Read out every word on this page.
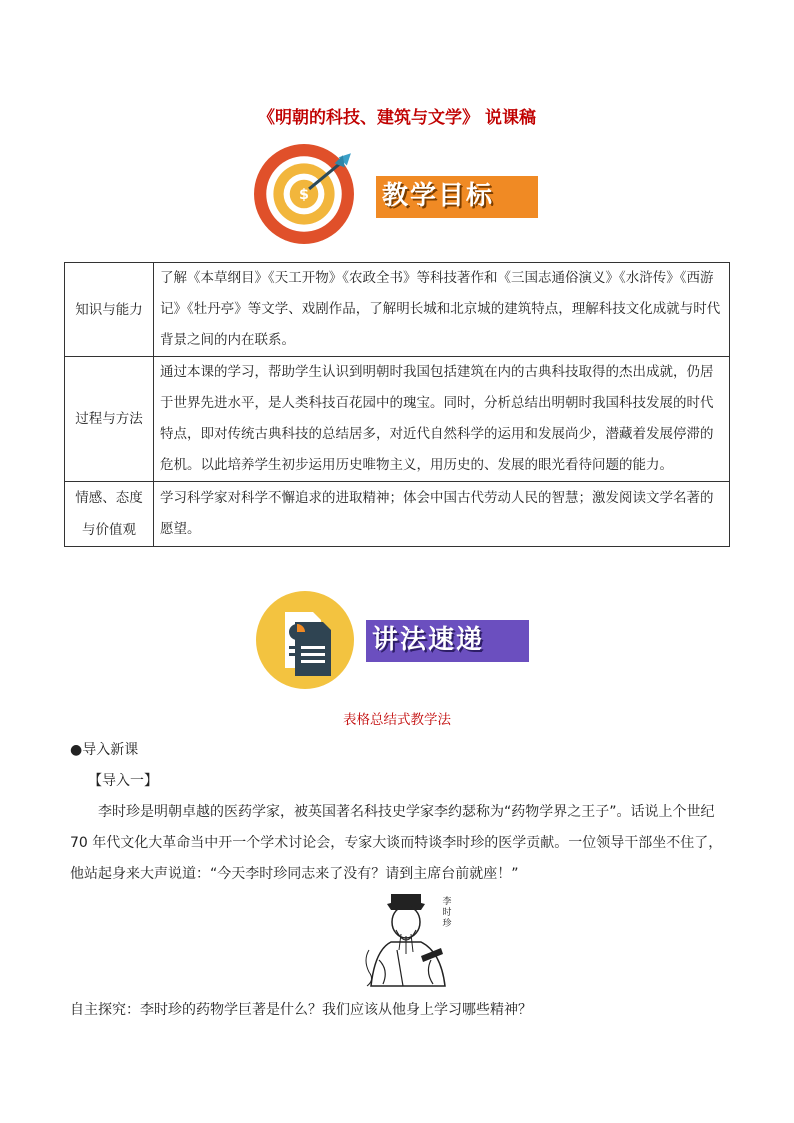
《明朝的科技、建筑与文学》 说课稿
$	教学目标
知识与能力	了解《本草纲目》《天工开物》《农政全书》等科技著作和《三国志通俗演义》《水浒传》《西游记》《牡丹亭》等文学、戏剧作品，了解明长城和北京城的建筑特点，理解科技文化成就与时代背景之间的内在联系。
过程与方法	通过本课的学习，帮助学生认识到明朝时我国包括建筑在内的古典科技取得的杰出成就，仍居于世界先进水平，是人类科技百花园中的瑰宝。同时，分析总结出明朝时我国科技发展的时代特点，即对传统古典科技的总结居多，对近代自然科学的运用和发展尚少，潜藏着发展停滞的危机。以此培养学生初步运用历史唯物主义，用历史的、发展的眼光看待问题的能力。
情感、态度与价值观	学习科学家对科学不懈追求的进取精神；体会中国古代劳动人民的智慧；激发阅读文学名著的愿望。
讲法速递
表格总结式教学法
●导入新课
【导入一】
李时珍是明朝卓越的医药学家，被英国著名科技史学家李约瑟称为“药物学界之王子”。话说上个世纪 70 年代文化大革命当中开一个学术讨论会，专家大谈而特谈李时珍的医学贡献。一位领导干部坐不住了，他站起身来大声说道：“今天李时珍同志来了没有？请到主席台前就座！”
李时珍
自主探究：李时珍的药物学巨著是什么？我们应该从他身上学习哪些精神？
